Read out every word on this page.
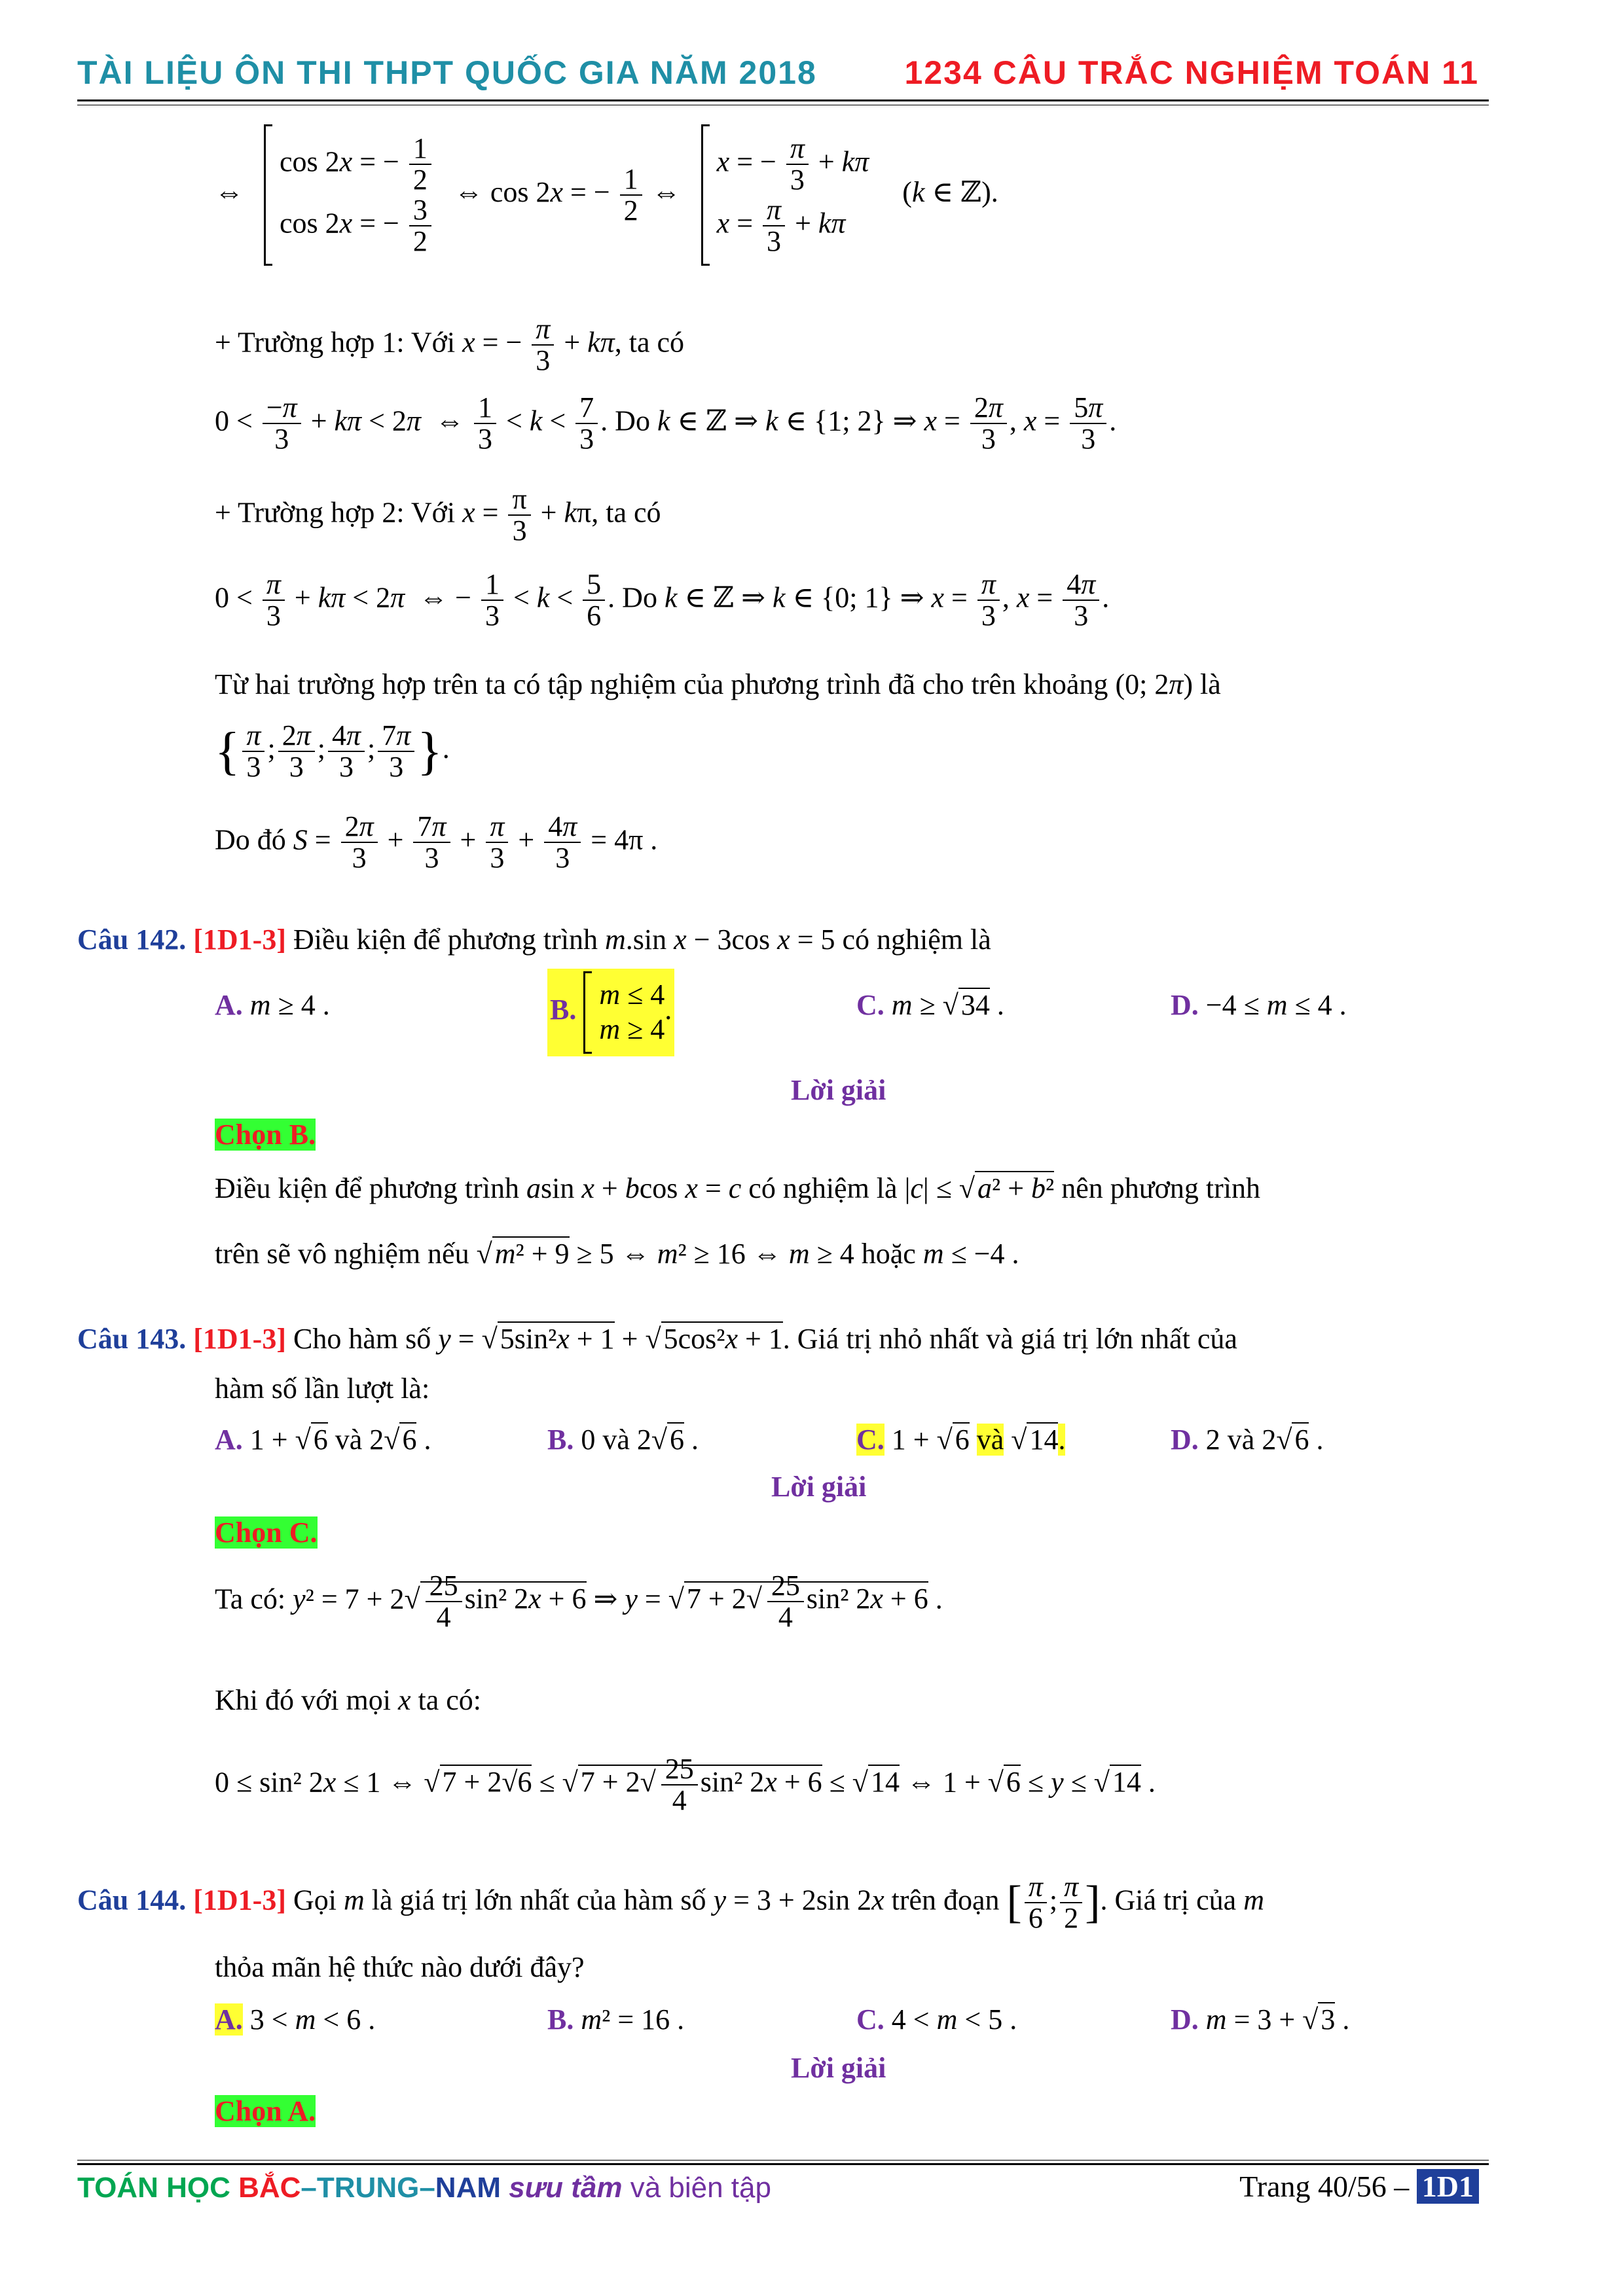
TÀI LIỆU ÔN THI THPT QUỐC GIA NĂM 2018	1234 CÂU TRẮC NGHIỆM TOÁN 11
⇔
cos 2x = − $\frac{1}{2}$
cos 2x = − $\frac{3}{2}$
⇔ cos 2x = − $\frac{1}{2}$ ⇔
x = − $\frac{\pi}{3} + k\pi$
$x = \frac{\pi}{3} + k\pi$
(k ∈ ℤ).
+ Trường hợp 1: Với x = − $\frac{\pi}{3} + k\pi$, ta có
$0 < \frac{-\pi}{3} + k\pi < 2\pi$  ⇔ $\frac{1}{3} < k < \frac{7}{3}$ . Do k ∈ ℤ ⇒ k ∈ {1; 2} ⇒ $x = \frac{2\pi}{3}$ , $x = \frac{5\pi}{3}$ .
+ Trường hợp 2: Với $x = \frac{\pi}{3} + k\pi$, ta có
$0 < \frac{\pi}{3} + k\pi < 2\pi$  ⇔ − $\frac{1}{3} < k < \frac{5}{6}$ . Do k ∈ ℤ ⇒ k ∈ {0; 1} ⇒ $x = \frac{\pi}{3}$ , $x = \frac{4\pi}{3}$ .
Từ hai trường hợp trên ta có tập nghiệm của phương trình đã cho trên khoảng (0; 2π) là
{ $\frac{\pi}{3}$ ; $\frac{2\pi}{3}$ ; $\frac{4\pi}{3}$ ; $\frac{7\pi}{3}$ }.
Do đó $S = \frac{2\pi}{3} + \frac{7\pi}{3} + \frac{\pi}{3} + \frac{4\pi}{3} = 4\pi$ .
Câu 142. [1D1-3] Điều kiện để phương trình m.sin x − 3cos x = 5 có nghiệm là
A. m ≥ 4 .	B. m ≤ 4
m ≥ 4
.	C. m ≥ √34 .	D. −4 ≤ m ≤ 4 .
Lời giải
Chọn B.
Điều kiện để phương trình asin x + bcos x = c có nghiệm là |c| ≤ √a² + b² nên phương trình
trên sẽ vô nghiệm nếu √m² + 9 ≥ 5 ⇔ m² ≥ 16 ⇔ m ≥ 4 hoặc m ≤ −4 .
Câu 143. [1D1-3] Cho hàm số y = √5sin²x + 1 + √5cos²x + 1. Giá trị nhỏ nhất và giá trị lớn nhất của
hàm số lần lượt là:
A. 1 + √6 và 2√6 .	B. 0 và 2√6 .	C. 1 + √6 và √14.	D. 2 và 2√6 .
Lời giải
Chọn C.
Ta có: $y^2 = 7 + 2√ \frac{25}{4} \sin^2$ 2x + 6 ⇒ $y = √7 + 2√ \frac{25}{4} \sin^2$ 2x + 6 .
Khi đó với mọi x ta có:
0 ≤ sin² 2x ≤ 1 ⇔ $√7 + 2√6 \le √7 + 2√ \frac{25}{4} \sin^2$ 2x + 6 ≤ √14 ⇔ 1 + √6 ≤ y ≤ √14 .
Câu 144. [1D1-3] Gọi m là giá trị lớn nhất của hàm số y = 3 + 2sin 2x trên đoạn [ $\frac{\pi}{6}$ ; $\frac{\pi}{2}$ ]. Giá trị của m
thỏa mãn hệ thức nào dưới đây?
A. 3 < m < 6 .	B. m² = 16 .	C. 4 < m < 5 .	D. m = 3 + √3 .
Lời giải
Chọn A.
TOÁN HỌC BẮC–TRUNG–NAM sưu tầm và biên tập	Trang 40/56 – 1D1
